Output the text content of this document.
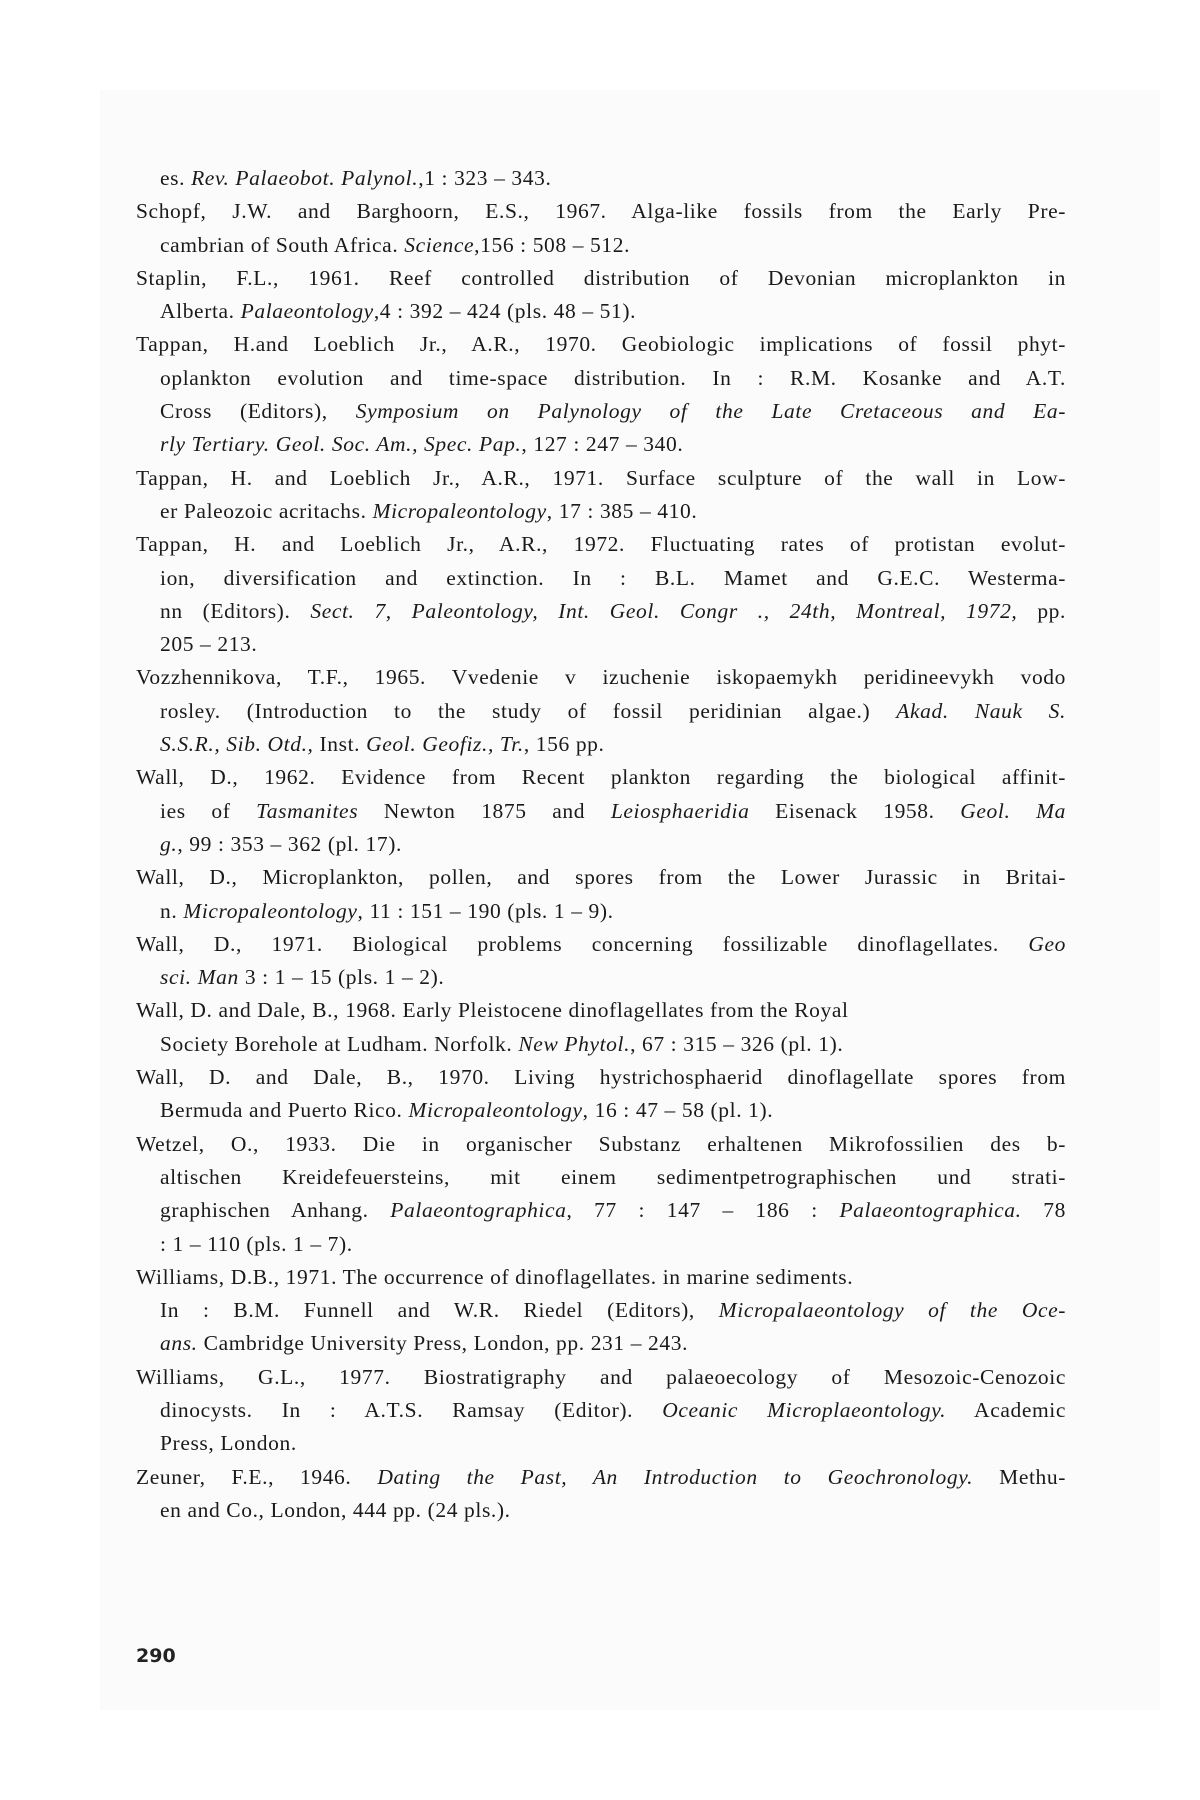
es. Rev. Palaeobot. Palynol.,1 : 323 – 343.
Schopf, J.W. and Barghoorn, E.S., 1967. Alga-like fossils from the Early Pre-
cambrian of South Africa. Science,156 : 508 – 512.
Staplin, F.L., 1961. Reef controlled distribution of Devonian microplankton in
Alberta. Palaeontology,4 : 392 – 424 (pls. 48 – 51).
Tappan, H.and Loeblich Jr., A.R., 1970. Geobiologic implications of fossil phyt-
oplankton evolution and time-space distribution. In : R.M. Kosanke and A.T.
Cross (Editors), Symposium on Palynology of the Late Cretaceous and Ea-
rly Tertiary. Geol. Soc. Am., Spec. Pap., 127 : 247 – 340.
Tappan, H. and Loeblich Jr., A.R., 1971. Surface sculpture of the wall in Low-
er Paleozoic acritachs. Micropaleontology, 17 : 385 – 410.
Tappan, H. and Loeblich Jr., A.R., 1972. Fluctuating rates of protistan evolut-
ion, diversification and extinction. In : B.L. Mamet and G.E.C. Westerma-
nn (Editors). Sect. 7, Paleontology, Int. Geol. Congr ., 24th, Montreal, 1972, pp.
205 – 213.
Vozzhennikova, T.F., 1965. Vvedenie v izuchenie iskopaemykh peridineevykh vodo
rosley. (Introduction to the study of fossil peridinian algae.) Akad. Nauk S.
S.S.R., Sib. Otd., Inst. Geol. Geofiz., Tr., 156 pp.
Wall, D., 1962. Evidence from Recent plankton regarding the biological affinit-
ies of Tasmanites Newton 1875 and Leiosphaeridia Eisenack 1958. Geol. Ma
g., 99 : 353 – 362 (pl. 17).
Wall, D., Microplankton, pollen, and spores from the Lower Jurassic in Britai-
n. Micropaleontology, 11 : 151 – 190 (pls. 1 – 9).
Wall, D., 1971. Biological problems concerning fossilizable dinoflagellates. Geo
sci. Man 3 : 1 – 15 (pls. 1 – 2).
Wall, D. and Dale, B., 1968. Early Pleistocene dinoflagellates from the Royal
Society Borehole at Ludham. Norfolk. New Phytol., 67 : 315 – 326 (pl. 1).
Wall, D. and Dale, B., 1970. Living hystrichosphaerid dinoflagellate spores from
Bermuda and Puerto Rico. Micropaleontology, 16 : 47 – 58 (pl. 1).
Wetzel, O., 1933. Die in organischer Substanz erhaltenen Mikrofossilien des b-
altischen Kreidefeuersteins, mit einem sedimentpetrographischen und strati-
graphischen Anhang. Palaeontographica, 77 : 147 – 186 : Palaeontographica. 78
: 1 – 110 (pls. 1 – 7).
Williams, D.B., 1971. The occurrence of dinoflagellates. in marine sediments.
In : B.M. Funnell and W.R. Riedel (Editors), Micropalaeontology of the Oce-
ans. Cambridge University Press, London, pp. 231 – 243.
Williams, G.L., 1977. Biostratigraphy and palaeoecology of Mesozoic-Cenozoic
dinocysts. In : A.T.S. Ramsay (Editor). Oceanic Microplaeontology. Academic
Press, London.
Zeuner, F.E., 1946. Dating the Past, An Introduction to Geochronology. Methu-
en and Co., London, 444 pp. (24 pls.).
290
